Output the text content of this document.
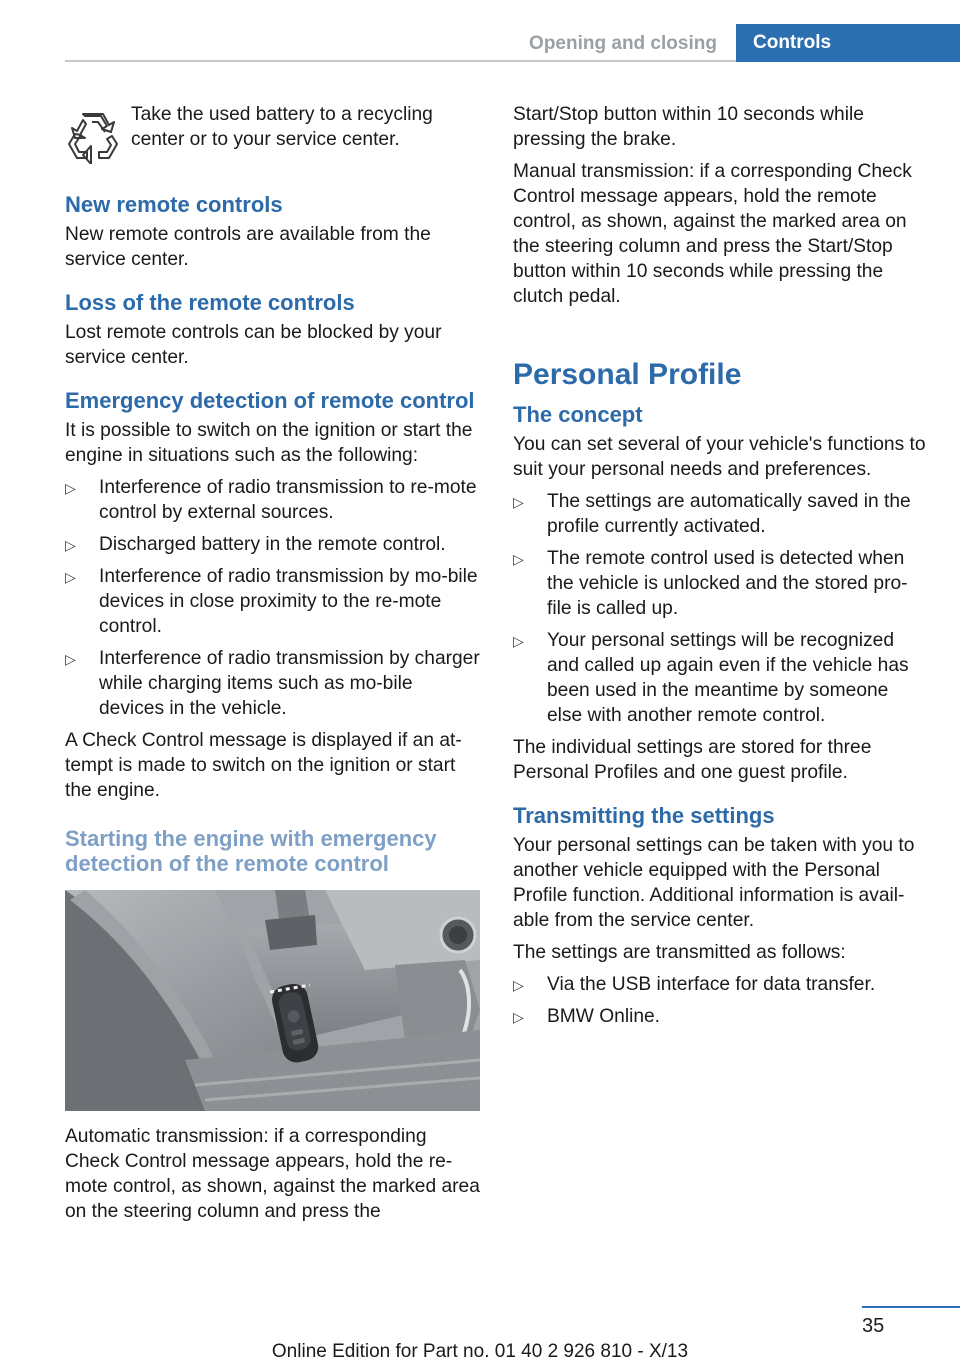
Opening and closing	Controls

Take the used battery to a recycling center or to your service center.

New remote controls

New remote controls are available from the service center.

Loss of the remote controls

Lost remote controls can be blocked by your service center.

Emergency detection of remote control

It is possible to switch on the ignition or start the engine in situations such as the following:

▷ Interference of radio transmission to re‐mote control by external sources.
▷ Discharged battery in the remote control.
▷ Interference of radio transmission by mo‐bile devices in close proximity to the re‐mote control.
▷ Interference of radio transmission by charger while charging items such as mo‐bile devices in the vehicle.

A Check Control message is displayed if an at‐tempt is made to switch on the ignition or start the engine.

Starting the engine with emergency detection of the remote control

Automatic transmission: if a corresponding Check Control message appears, hold the re‐mote control, as shown, against the marked area on the steering column and press the

Start/Stop button within 10 seconds while pressing the brake.

Manual transmission: if a corresponding Check Control message appears, hold the remote control, as shown, against the marked area on the steering column and press the Start/Stop button within 10 seconds while pressing the clutch pedal.

Personal Profile
The concept

You can set several of your vehicle's functions to suit your personal needs and preferences.

▷ The settings are automatically saved in the profile currently activated.
▷ The remote control used is detected when the vehicle is unlocked and the stored pro‐file is called up.
▷ Your personal settings will be recognized and called up again even if the vehicle has been used in the meantime by someone else with another remote control.

The individual settings are stored for three Personal Profiles and one guest profile.

Transmitting the settings

Your personal settings can be taken with you to another vehicle equipped with the Personal Profile function. Additional information is avail‐able from the service center.

The settings are transmitted as follows:

▷ Via the USB interface for data transfer.
▷ BMW Online.
35
Online Edition for Part no. 01 40 2 926 810 - X/13
